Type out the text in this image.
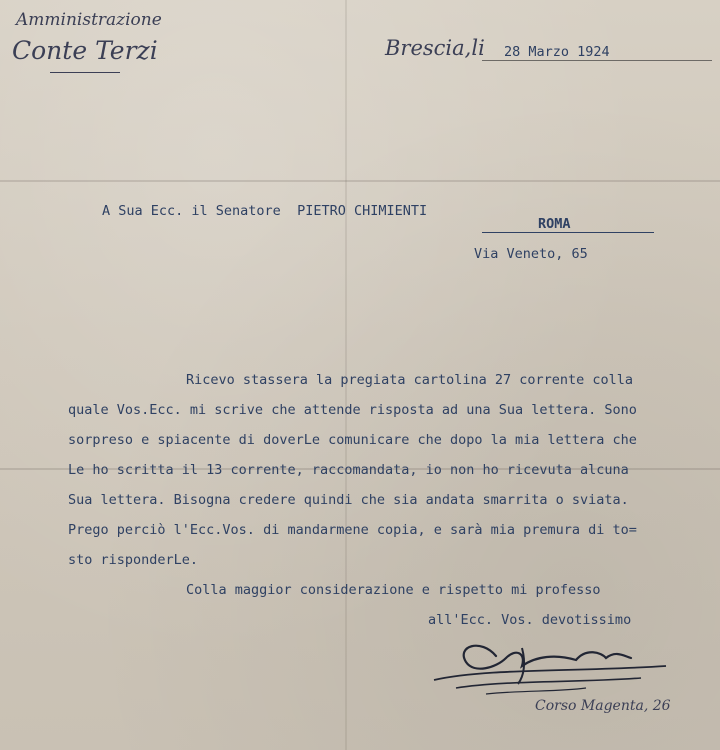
Amministrazione
Conte Terzi	Brescia,li 28 Marzo 1924
A Sua Ecc. il Senatore  PIETRO CHIMIENTI
ROMA
Via Veneto, 65
Ricevo stassera la pregiata cartolina 27 corrente colla
quale Vos.Ecc. mi scrive che attende risposta ad una Sua lettera. Sono
sorpreso e spiacente di doverLe comunicare che dopo la mia lettera che
Le ho scritta il 13 corrente, raccomandata, io non ho ricevuta alcuna
Sua lettera. Bisogna credere quindi che sia andata smarrita o sviata.
Prego perciò l'Ecc.Vos. di mandarmene copia, e sarà mia premura di to=
sto risponderLe.
Colla maggior considerazione e rispetto mi professo
all'Ecc. Vos. devotissimo
Corso Magenta, 26
